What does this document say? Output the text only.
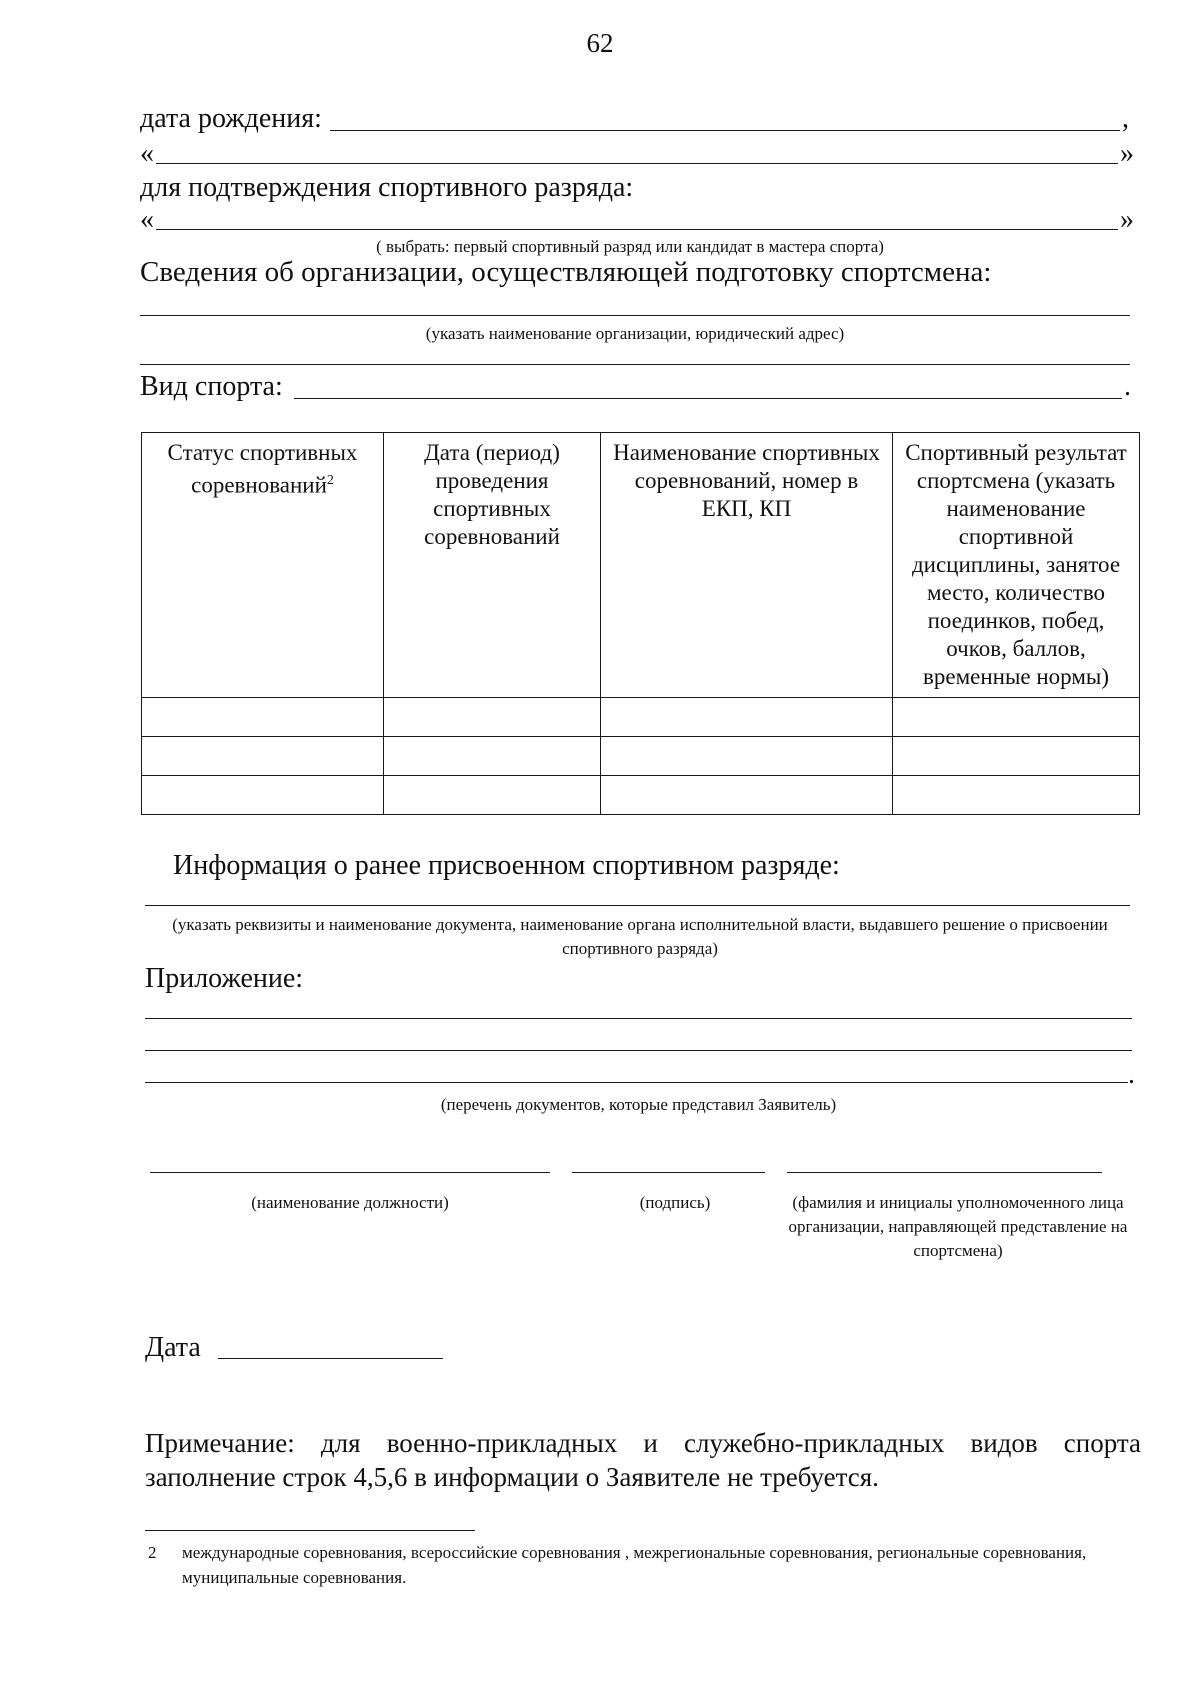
62
дата рождения:	,
«	»
для подтверждения спортивного разряда:
«	»
( выбрать: первый спортивный разряд или кандидат в мастера спорта)
Сведения об организации, осуществляющей подготовку спортсмена:
(указать наименование организации, юридический адрес)
Вид спорта:	.
Статус спортивных соревнований$^2$	Дата (период) проведения спортивных соревнований	Наименование спортивных соревнований, номер в ЕКП, КП	Спортивный результат спортсмена (указать наименование спортивной дисциплины, занятое место, количество поединков, побед, очков, баллов, временные нормы)

Информация о ранее присвоенном спортивном разряде:
(указать реквизиты и наименование документа, наименование органа исполнительной власти, выдавшего решение о присвоении спортивного разряда)
Приложение:
.
(перечень документов, которые представил Заявитель)
(наименование должности)	(подпись)	(фамилия и инициалы уполномоченного лица организации, направляющей представление на спортсмена)
Дата
Примечание: для военно-прикладных и служебно-прикладных видов спорта заполнение строк 4,5,6 в информации о Заявителе не требуется.
2 международные соревнования, всероссийские соревнования , межрегиональные соревнования, региональные соревнования, муниципальные соревнования.
